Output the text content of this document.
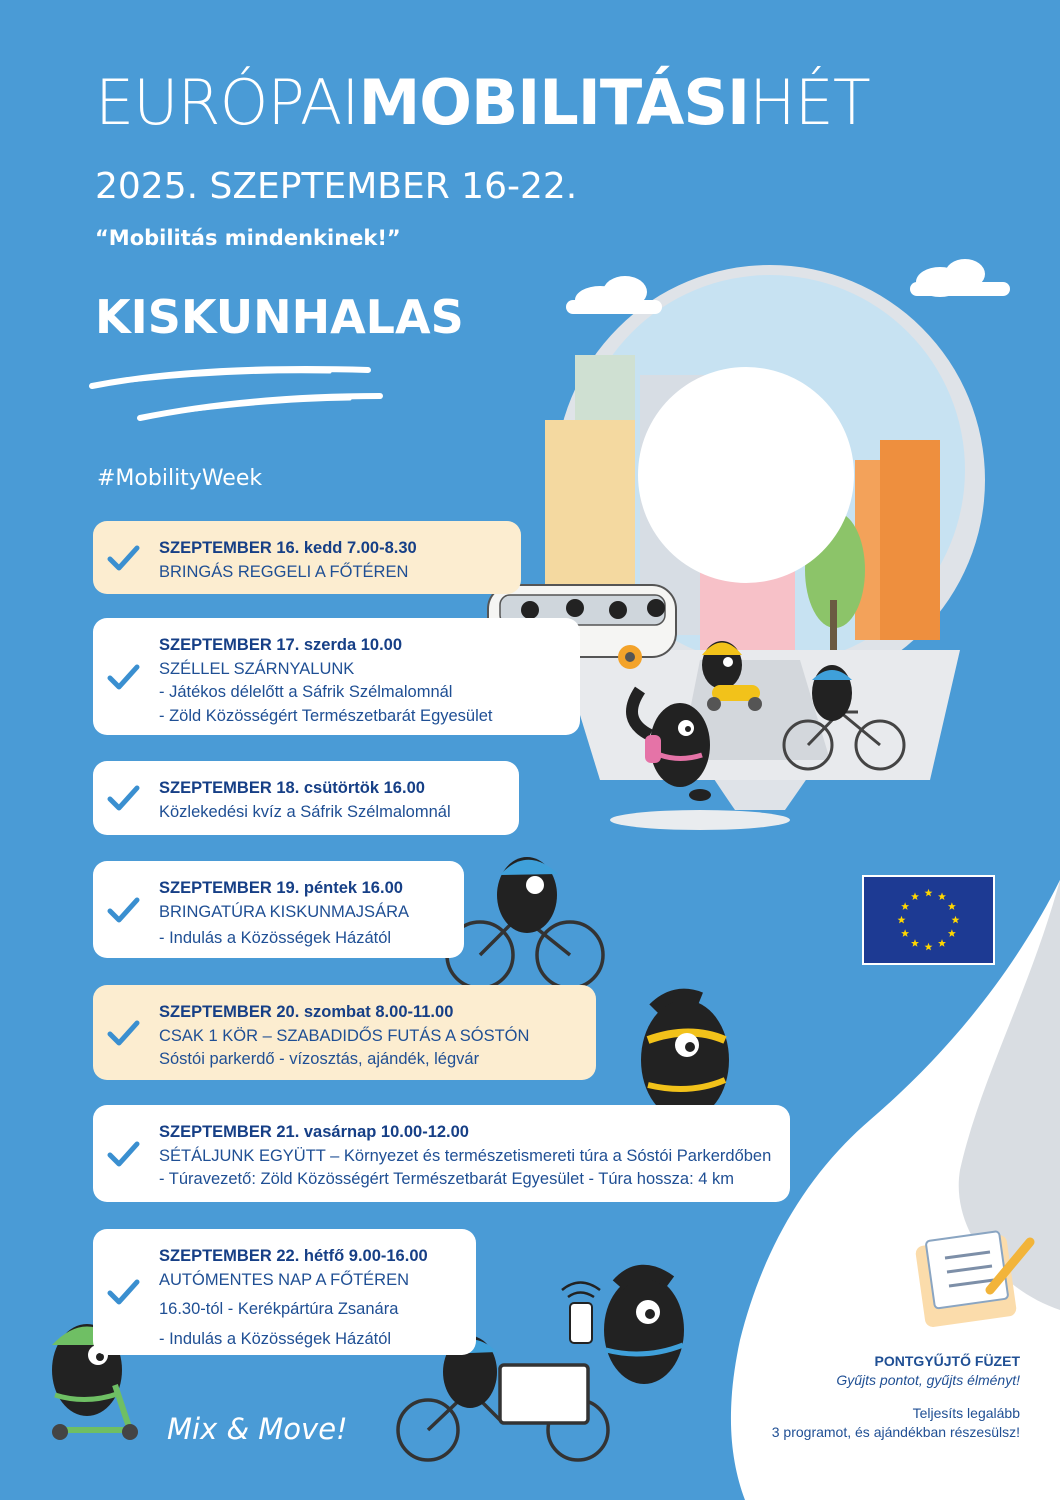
EURÓPAIMOBILITÁSIHÉT
2025. SZEPTEMBER 16-22.
“Mobilitás mindenkinek!”
KISKUNHALAS
#MobilityWeek
SZEPTEMBER 16. kedd 7.00-8.30
BRINGÁS REGGELI A FŐTÉREN
SZEPTEMBER 17. szerda 10.00
SZÉLLEL SZÁRNYALUNK
- Játékos délelőtt a Sáfrik Szélmalomnál
- Zöld Közösségért Természetbarát Egyesület
SZEPTEMBER 18. csütörtök 16.00
Közlekedési kvíz a Sáfrik Szélmalomnál
SZEPTEMBER 19. péntek 16.00
BRINGATÚRA KISKUNMAJSÁRA
- Indulás a Közösségek Házától
SZEPTEMBER 20. szombat 8.00-11.00
CSAK 1 KÖR – SZABADIDŐS FUTÁS A SÓSTÓN
Sóstói parkerdő - vízosztás, ajándék, légvár
SZEPTEMBER 21. vasárnap 10.00-12.00
SÉTÁLJUNK EGYÜTT – Környezet és természetismereti túra a Sóstói Parkerdőben
- Túravezető: Zöld Közösségért Természetbarát Egyesület - Túra hossza: 4 km
SZEPTEMBER 22. hétfő 9.00-16.00
AUTÓMENTES NAP A FŐTÉREN
16.30-tól - Kerékpártúra Zsanára
- Indulás a Közösségek Házától
Mix & Move!
PONTGYŰJTŐ FÜZET
Gyűjts pontot, gyűjts élményt!
Teljesíts legalább
3 programot, és ajándékban részesülsz!
